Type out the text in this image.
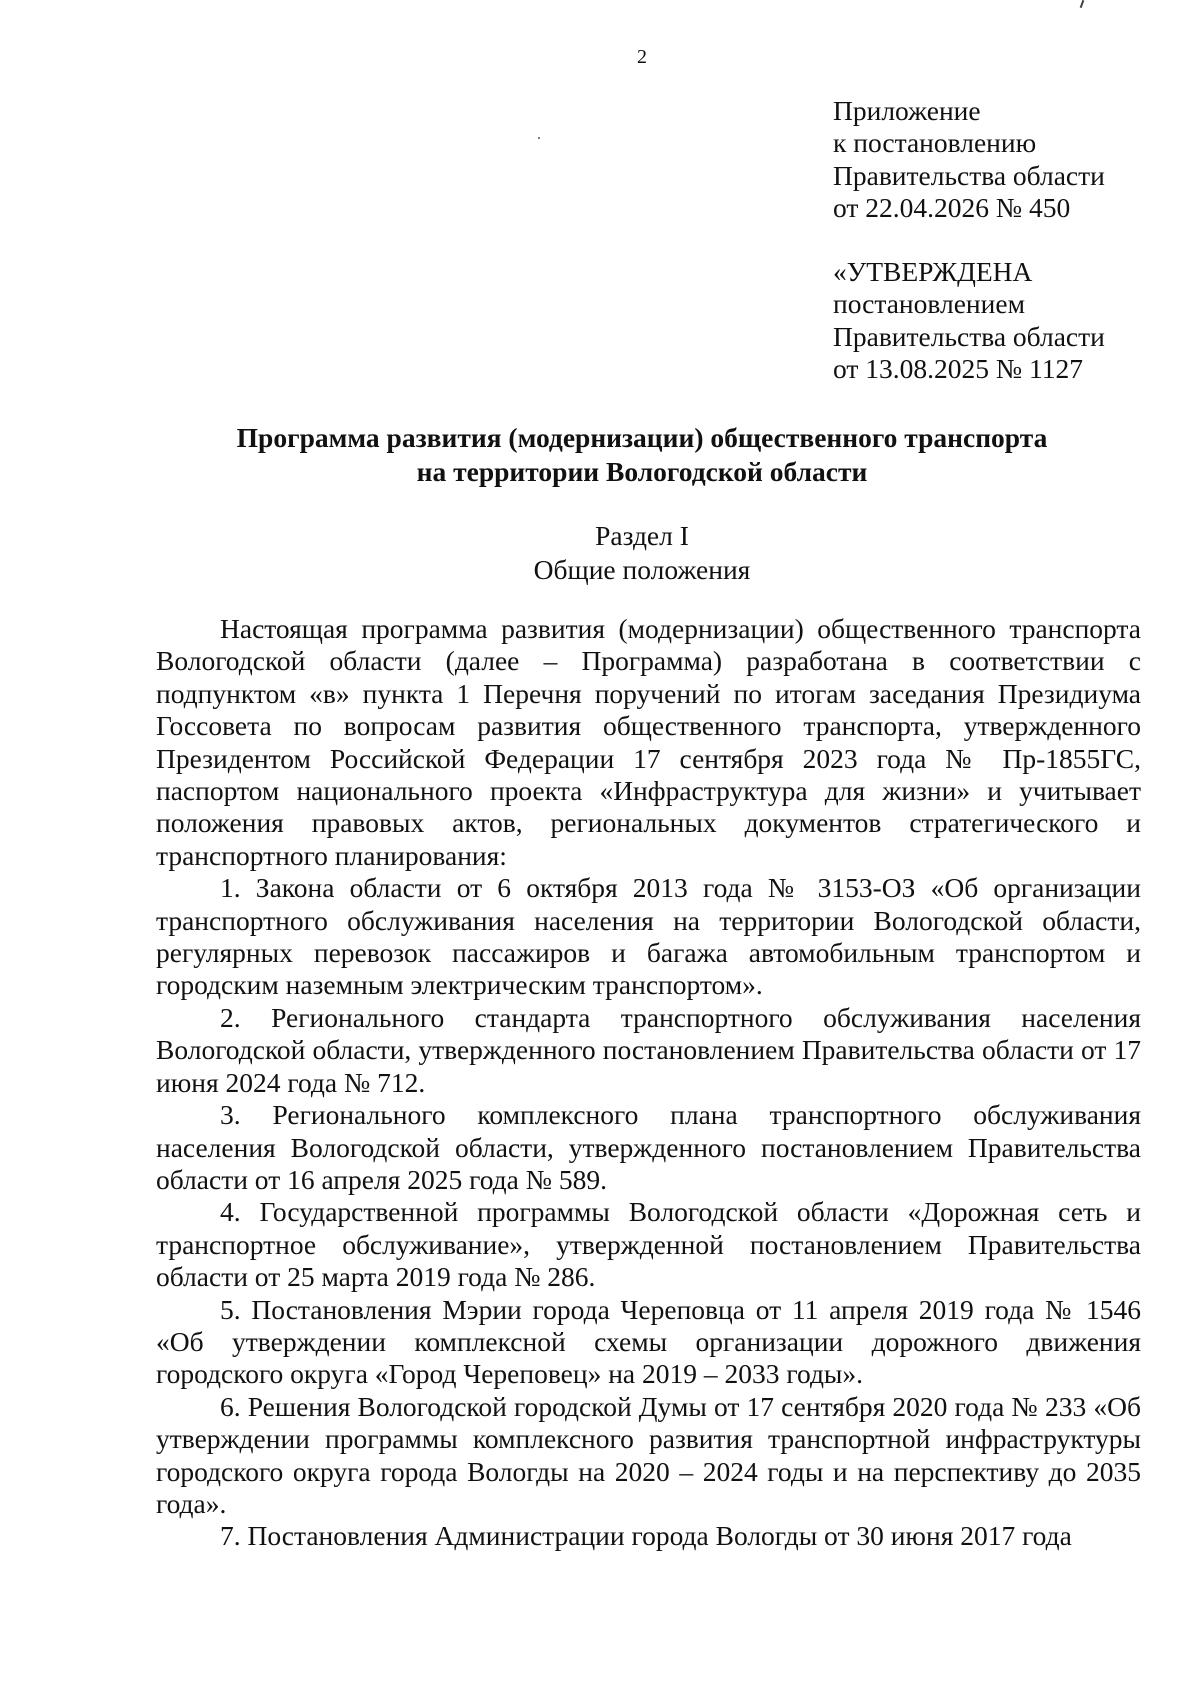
2
Приложение
к постановлению
Правительства области
от 22.04.2026 № 450
«УТВЕРЖДЕНА
постановлением
Правительства области
от 13.08.2025 № 1127
Программа развития (модернизации) общественного транспорта
на территории Вологодской области
Раздел I
Общие положения

Настоящая программа развития (модернизации) общественного транспорта Вологодской области (далее – Программа) разработана в соответствии с подпунктом «в» пункта 1 Перечня поручений по итогам заседания Президиума Госсовета по вопросам развития общественного транспорта, утвержденного Президентом Российской Федерации 17 сентября 2023 года № Пр-1855ГС, паспортом национального проекта «Инфраструктура для жизни» и учитывает положения правовых актов, региональных документов стратегического и транспортного планирования:

1. Закона области от 6 октября 2013 года № 3153-ОЗ «Об организации транспортного обслуживания населения на территории Вологодской области, регулярных перевозок пассажиров и багажа автомобильным транспортом и городским наземным электрическим транспортом».

2. Регионального стандарта транспортного обслуживания населения Вологодской области, утвержденного постановлением Правительства области от 17 июня 2024 года № 712.

3. Регионального комплексного плана транспортного обслуживания населения Вологодской области, утвержденного постановлением Правительства области от 16 апреля 2025 года № 589.

4. Государственной программы Вологодской области «Дорожная сеть и транспортное обслуживание», утвержденной постановлением Правительства области от 25 марта 2019 года № 286.

5. Постановления Мэрии города Череповца от 11 апреля 2019 года № 1546 «Об утверждении комплексной схемы организации дорожного движения городского округа «Город Череповец» на 2019 – 2033 годы».

6. Решения Вологодской городской Думы от 17 сентября 2020 года № 233 «Об утверждении программы комплексного развития транспортной инфраструктуры городского округа города Вологды на 2020 – 2024 годы и на перспективу до 2035 года».

7. Постановления Администрации города Вологды от 30 июня 2017 года
